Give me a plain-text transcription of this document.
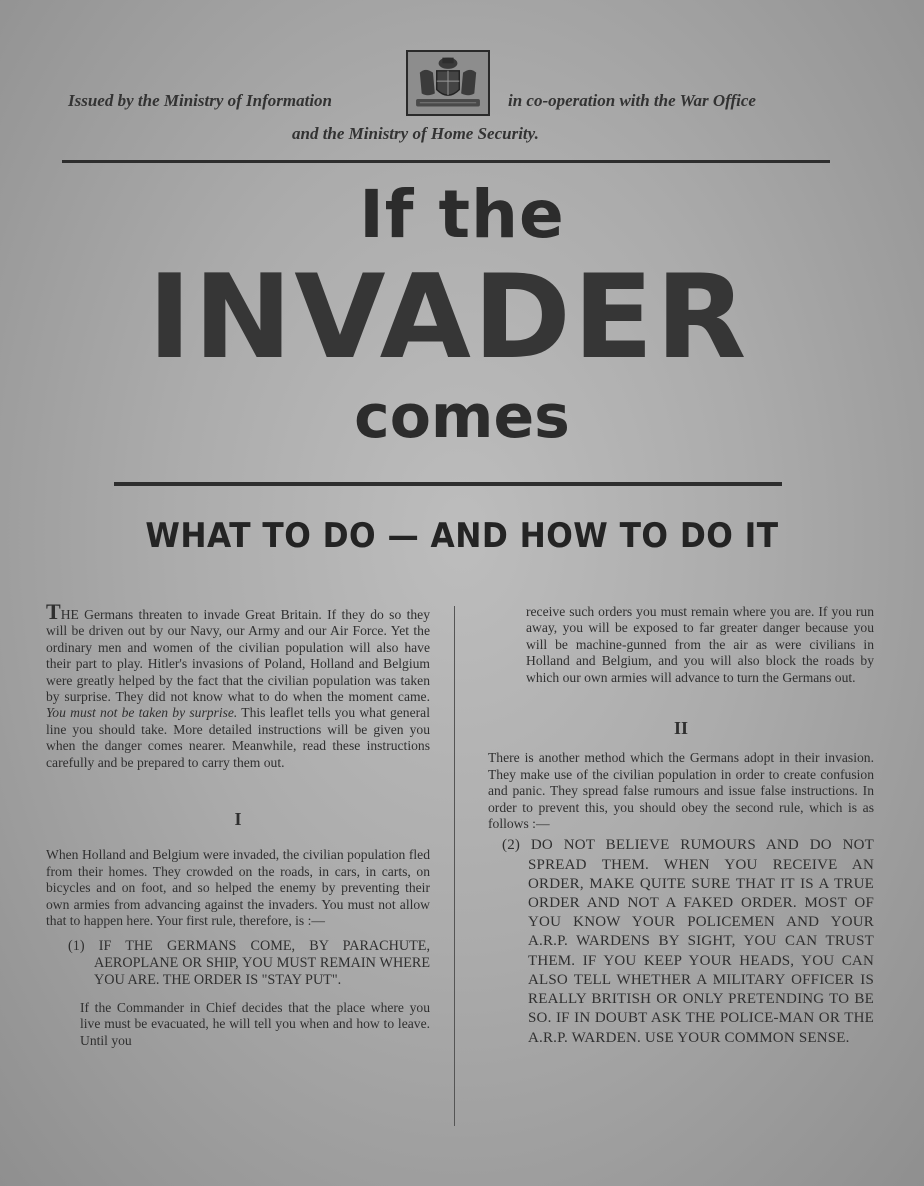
Issued by the Ministry of Information	in co-operation with the War Office
and the Ministry of Home Security.
If the
INVADER
comes
WHAT TO DO — AND HOW TO DO IT

THE Germans threaten to invade Great Britain. If they do so they will be driven out by our Navy, our Army and our Air Force. Yet the ordinary men and women of the civilian population will also have their part to play. Hitler's invasions of Poland, Holland and Belgium were greatly helped by the fact that the civilian population was taken by surprise. They did not know what to do when the moment came. You must not be taken by surprise. This leaflet tells you what general line you should take. More detailed instructions will be given you when the danger comes nearer. Meanwhile, read these instructions carefully and be prepared to carry them out.

I

When Holland and Belgium were invaded, the civilian population fled from their homes. They crowded on the roads, in cars, in carts, on bicycles and on foot, and so helped the enemy by preventing their own armies from advancing against the invaders. You must not allow that to happen here. Your first rule, therefore, is :—

(1) IF THE GERMANS COME, BY PARACHUTE, AEROPLANE OR SHIP, YOU MUST REMAIN WHERE YOU ARE. THE ORDER IS "STAY PUT".

If the Commander in Chief decides that the place where you live must be evacuated, he will tell you when and how to leave. Until you

receive such orders you must remain where you are. If you run away, you will be exposed to far greater danger because you will be machine-gunned from the air as were civilians in Holland and Belgium, and you will also block the roads by which our own armies will advance to turn the Germans out.

II

There is another method which the Germans adopt in their invasion. They make use of the civilian population in order to create confusion and panic. They spread false rumours and issue false instructions. In order to prevent this, you should obey the second rule, which is as follows :—

(2) DO NOT BELIEVE RUMOURS AND DO NOT SPREAD THEM. WHEN YOU RECEIVE AN ORDER, MAKE QUITE SURE THAT IT IS A TRUE ORDER AND NOT A FAKED ORDER. MOST OF YOU KNOW YOUR POLICEMEN AND YOUR A.R.P. WARDENS BY SIGHT, YOU CAN TRUST THEM. IF YOU KEEP YOUR HEADS, YOU CAN ALSO TELL WHETHER A MILITARY OFFICER IS REALLY BRITISH OR ONLY PRETENDING TO BE SO. IF IN DOUBT ASK THE POLICE-MAN OR THE A.R.P. WARDEN. USE YOUR COMMON SENSE.
